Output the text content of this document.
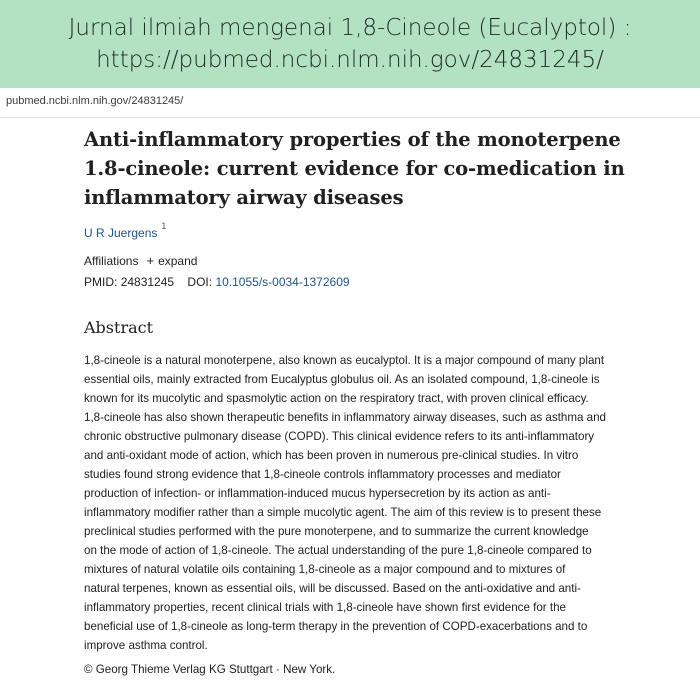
Jurnal ilmiah mengenai 1,8-Cineole (Eucalyptol) :
https://pubmed.ncbi.nlm.nih.gov/24831245/
pubmed.ncbi.nlm.nih.gov/24831245/
Anti-inflammatory properties of the monoterpene
1.8-cineole: current evidence for co-medication in
inflammatory airway diseases
U R Juergens $^1$
Affiliations + expand
PMID: 24831245 DOI: 10.1055/s-0034-1372609
Abstract
1,8-cineole is a natural monoterpene, also known as eucalyptol. It is a major compound of many plant
essential oils, mainly extracted from Eucalyptus globulus oil. As an isolated compound, 1,8-cineole is
known for its mucolytic and spasmolytic action on the respiratory tract, with proven clinical efficacy.
1,8-cineole has also shown therapeutic benefits in inflammatory airway diseases, such as asthma and
chronic obstructive pulmonary disease (COPD). This clinical evidence refers to its anti-inflammatory
and anti-oxidant mode of action, which has been proven in numerous pre-clinical studies. In vitro
studies found strong evidence that 1,8-cineole controls inflammatory processes and mediator
production of infection- or inflammation-induced mucus hypersecretion by its action as anti-
inflammatory modifier rather than a simple mucolytic agent. The aim of this review is to present these
preclinical studies performed with the pure monoterpene, and to summarize the current knowledge
on the mode of action of 1,8-cineole. The actual understanding of the pure 1,8-cineole compared to
mixtures of natural volatile oils containing 1,8-cineole as a major compound and to mixtures of
natural terpenes, known as essential oils, will be discussed. Based on the anti-oxidative and anti-
inflammatory properties, recent clinical trials with 1,8-cineole have shown first evidence for the
beneficial use of 1,8-cineole as long-term therapy in the prevention of COPD-exacerbations and to
improve asthma control.
© Georg Thieme Verlag KG Stuttgart · New York.
